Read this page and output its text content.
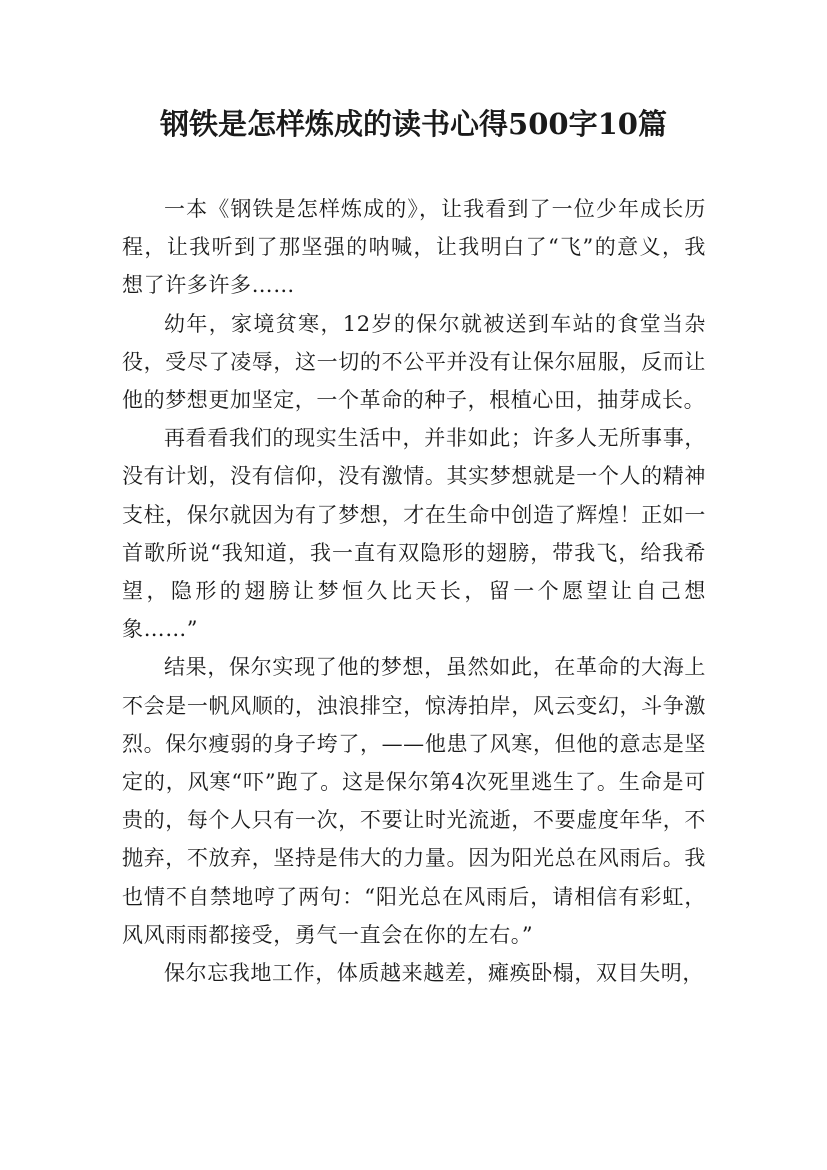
钢铁是怎样炼成的读书心得500字10篇

一本《钢铁是怎样炼成的》，让我看到了一位少年成长历程，让我听到了那坚强的呐喊，让我明白了“飞”的意义，我想了许多许多……

幼年，家境贫寒，12岁的保尔就被送到车站的食堂当杂役，受尽了凌辱，这一切的不公平并没有让保尔屈服，反而让他的梦想更加坚定，一个革命的种子，根植心田，抽芽成长。

再看看我们的现实生活中，并非如此；许多人无所事事，没有计划，没有信仰，没有激情。其实梦想就是一个人的精神支柱，保尔就因为有了梦想，才在生命中创造了辉煌！正如一首歌所说“我知道，我一直有双隐形的翅膀，带我飞，给我希望，隐形的翅膀让梦恒久比天长，留一个愿望让自己想象……”

结果，保尔实现了他的梦想，虽然如此，在革命的大海上不会是一帆风顺的，浊浪排空，惊涛拍岸，风云变幻，斗争激烈。保尔瘦弱的身子垮了，——他患了风寒，但他的意志是坚定的，风寒“吓”跑了。这是保尔第4次死里逃生了。生命是可贵的，每个人只有一次，不要让时光流逝，不要虚度年华，不抛弃，不放弃，坚持是伟大的力量。因为阳光总在风雨后。我也情不自禁地哼了两句：“阳光总在风雨后，请相信有彩虹，风风雨雨都接受，勇气一直会在你的左右。”

保尔忘我地工作，体质越来越差，瘫痪卧榻，双目失明，
